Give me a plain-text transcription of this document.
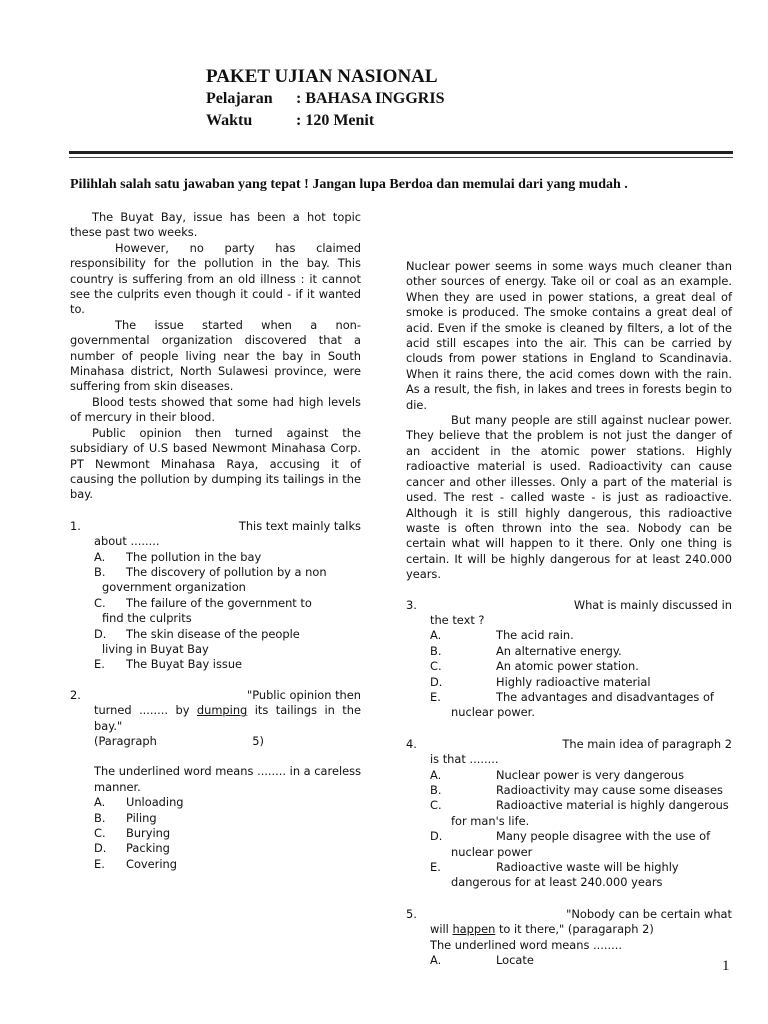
PAKET UJIAN NASIONAL
Pelajaran	: BAHASA INGGRIS
Waktu	: 120 Menit
Pilihlah salah satu jawaban yang tepat ! Jangan lupa Berdoa dan memulai dari yang mudah .

The Buyat Bay, issue has been a hot topic these past two weeks.

However, no party has claimed responsibility for the pollution in the bay. This country is suffering from an old illness : it cannot see the culprits even though it could - if it wanted to.

The issue started when a non-governmental organization discovered that a number of people living near the bay in South Minahasa district, North Sulawesi province, were suffering from skin diseases.

Blood tests showed that some had high levels of mercury in their blood.

Public opinion then turned against the subsidiary of U.S based Newmont Minahasa Corp. PT Newmont Minahasa Raya, accusing it of causing the pollution by dumping its tailings in the bay.

1.	This text mainly talks
about ........
A. The pollution in the bay
B. The discovery of pollution by a non
government organization
C. The failure of the government to
find the culprits
D. The skin disease of the people
living in Buyat Bay
E. The Buyat Bay issue
2.	"Public opinion then
turned ........ by dumping its tailings in the bay."
(Paragraph	5)
The underlined word means ........ in a careless manner.
A. Unloading
B. Piling
C. Burying
D. Packing
E. Covering

Nuclear power seems in some ways much cleaner than other sources of energy. Take oil or coal as an example. When they are used in power stations, a great deal of smoke is produced. The smoke contains a great deal of acid. Even if the smoke is cleaned by filters, a lot of the acid still escapes into the air. This can be carried by clouds from power stations in England to Scandinavia. When it rains there, the acid comes down with the rain. As a result, the fish, in lakes and trees in forests begin to die.

But many people are still against nuclear power. They believe that the problem is not just the danger of an accident in the atomic power stations. Highly radioactive material is used. Radioactivity can cause cancer and other illesses. Only a part of the material is used. The rest - called waste - is just as radioactive. Although it is still highly dangerous, this radioactive waste is often thrown into the sea. Nobody can be certain what will happen to it there. Only one thing is certain. It will be highly dangerous for at least 240.000 years.

3.	What is mainly discussed in
the text ?
A.	The acid rain.
B.	An alternative energy.
C.	An atomic power station.
D.	Highly radioactive material
E.	The advantages and disadvantages of
nuclear power.
4.	The main idea of paragraph 2
is that ........
A.	Nuclear power is very dangerous
B.	Radioactivity may cause some diseases
C.	Radioactive material is highly dangerous
for man's life.
D.	Many people disagree with the use of
nuclear power
E.	Radioactive waste will be highly
dangerous for at least 240.000 years
5.	"Nobody can be certain what
will happen to it there," (paragaraph 2)
The underlined word means ........
A.	Locate	1
